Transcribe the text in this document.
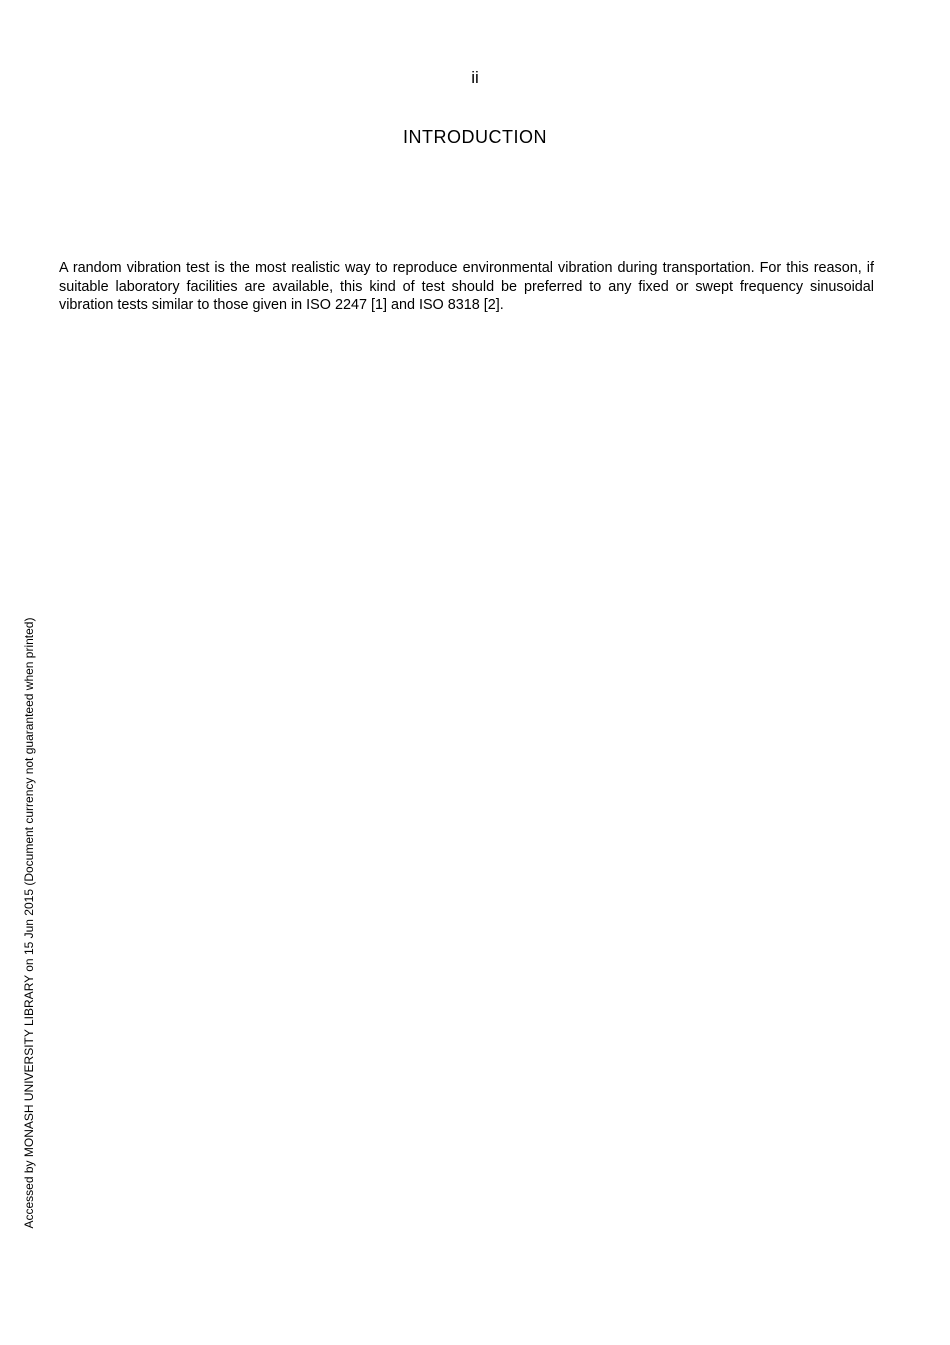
ii
INTRODUCTION

A random vibration test is the most realistic way to reproduce environmental vibration during transportation. For this reason, if suitable laboratory facilities are available, this kind of test should be preferred to any fixed or swept frequency sinusoidal vibration tests similar to those given in ISO 2247 [1] and ISO 8318 [2].

Accessed by MONASH UNIVERSITY LIBRARY on 15 Jun 2015 (Document currency not guaranteed when printed)
